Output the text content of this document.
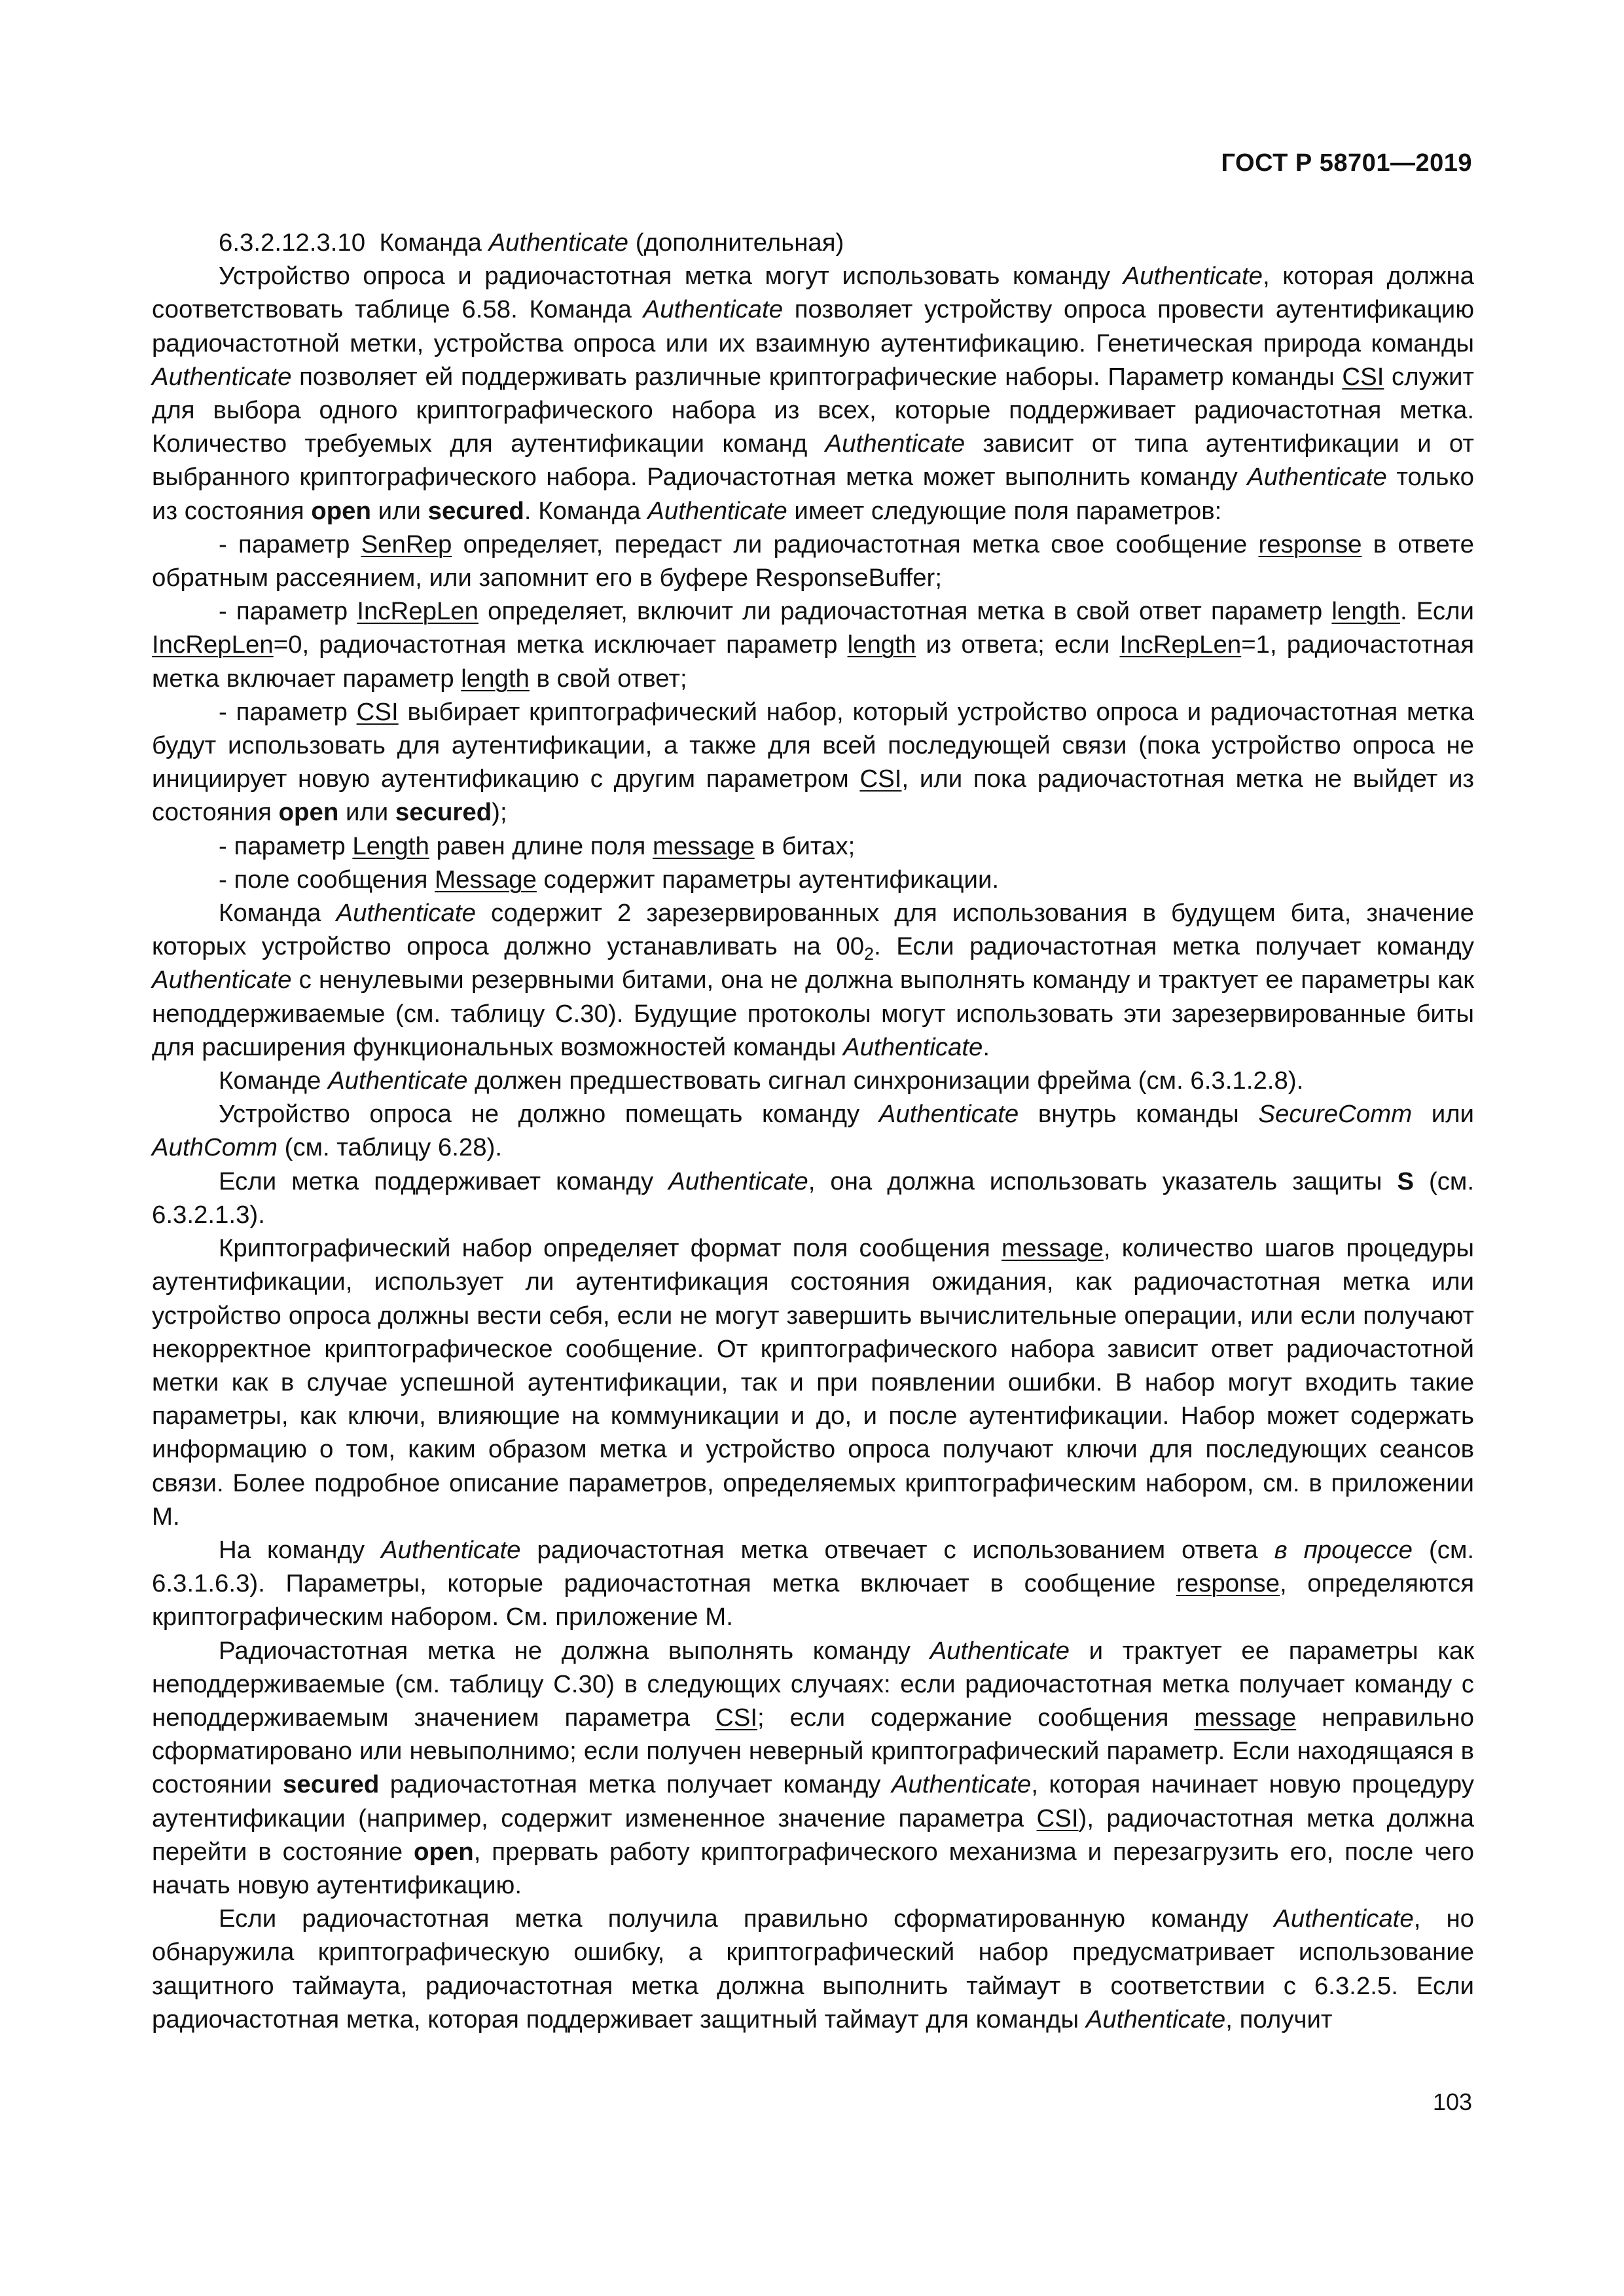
ГОСТ Р 58701—2019

6.3.2.12.3.10 Команда Authenticate (дополнительная)

Устройство опроса и радиочастотная метка могут использовать команду Authenticate, которая должна соответствовать таблице 6.58. Команда Authenticate позволяет устройству опроса провести аутентификацию радиочастотной метки, устройства опроса или их взаимную аутентификацию. Генетическая природа команды Authenticate позволяет ей поддерживать различные криптографические наборы. Параметр команды CSI служит для выбора одного криптографического набора из всех, которые поддерживает радиочастотная метка. Количество требуемых для аутентификации команд Authenticate зависит от типа аутентификации и от выбранного криптографического набора. Радиочастотная метка может выполнить команду Authenticate только из состояния open или secured. Команда Authenticate имеет следующие поля параметров:

- параметр SenRep определяет, передаст ли радиочастотная метка свое сообщение response в ответе обратным рассеянием, или запомнит его в буфере ResponseBuffer;

- параметр IncRepLen определяет, включит ли радиочастотная метка в свой ответ параметр length. Если IncRepLen=0, радиочастотная метка исключает параметр length из ответа; если IncRepLen=1, радиочастотная метка включает параметр length в свой ответ;

- параметр CSI выбирает криптографический набор, который устройство опроса и радиочастотная метка будут использовать для аутентификации, а также для всей последующей связи (пока устройство опроса не инициирует новую аутентификацию с другим параметром CSI, или пока радиочастотная метка не выйдет из состояния open или secured);

- параметр Length равен длине поля message в битах;

- поле сообщения Message содержит параметры аутентификации.

Команда Authenticate содержит 2 зарезервированных для использования в будущем бита, значение которых устройство опроса должно устанавливать на $00_2$. Если радиочастотная метка получает команду Authenticate с ненулевыми резервными битами, она не должна выполнять команду и трактует ее параметры как неподдерживаемые (см. таблицу С.30). Будущие протоколы могут использовать эти зарезервированные биты для расширения функциональных возможностей команды Authenticate.

Команде Authenticate должен предшествовать сигнал синхронизации фрейма (см. 6.3.1.2.8).

Устройство опроса не должно помещать команду Authenticate внутрь команды SecureComm или AuthComm (см. таблицу 6.28).

Если метка поддерживает команду Authenticate, она должна использовать указатель защиты S (см. 6.3.2.1.3).

Криптографический набор определяет формат поля сообщения message, количество шагов процедуры аутентификации, использует ли аутентификация состояния ожидания, как радиочастотная метка или устройство опроса должны вести себя, если не могут завершить вычислительные операции, или если получают некорректное криптографическое сообщение. От криптографического набора зависит ответ радиочастотной метки как в случае успешной аутентификации, так и при появлении ошибки. В набор могут входить такие параметры, как ключи, влияющие на коммуникации и до, и после аутентификации. Набор может содержать информацию о том, каким образом метка и устройство опроса получают ключи для последующих сеансов связи. Более подробное описание параметров, определяемых криптографическим набором, см. в приложении М.

На команду Authenticate радиочастотная метка отвечает с использованием ответа в процессе (см. 6.3.1.6.3). Параметры, которые радиочастотная метка включает в сообщение response, определяются криптографическим набором. См. приложение М.

Радиочастотная метка не должна выполнять команду Authenticate и трактует ее параметры как неподдерживаемые (см. таблицу С.30) в следующих случаях: если радиочастотная метка получает команду с неподдерживаемым значением параметра CSI; если содержание сообщения message неправильно сформатировано или невыполнимо; если получен неверный криптографический параметр. Если находящаяся в состоянии secured радиочастотная метка получает команду Authenticate, которая начинает новую процедуру аутентификации (например, содержит измененное значение параметра CSI), радиочастотная метка должна перейти в состояние open, прервать работу криптографического механизма и перезагрузить его, после чего начать новую аутентификацию.

Если радиочастотная метка получила правильно сформатированную команду Authenticate, но обнаружила криптографическую ошибку, а криптографический набор предусматривает использование защитного таймаута, радиочастотная метка должна выполнить таймаут в соответствии с 6.3.2.5. Если радиочастотная метка, которая поддерживает защитный таймаут для команды Authenticate, получит

103
